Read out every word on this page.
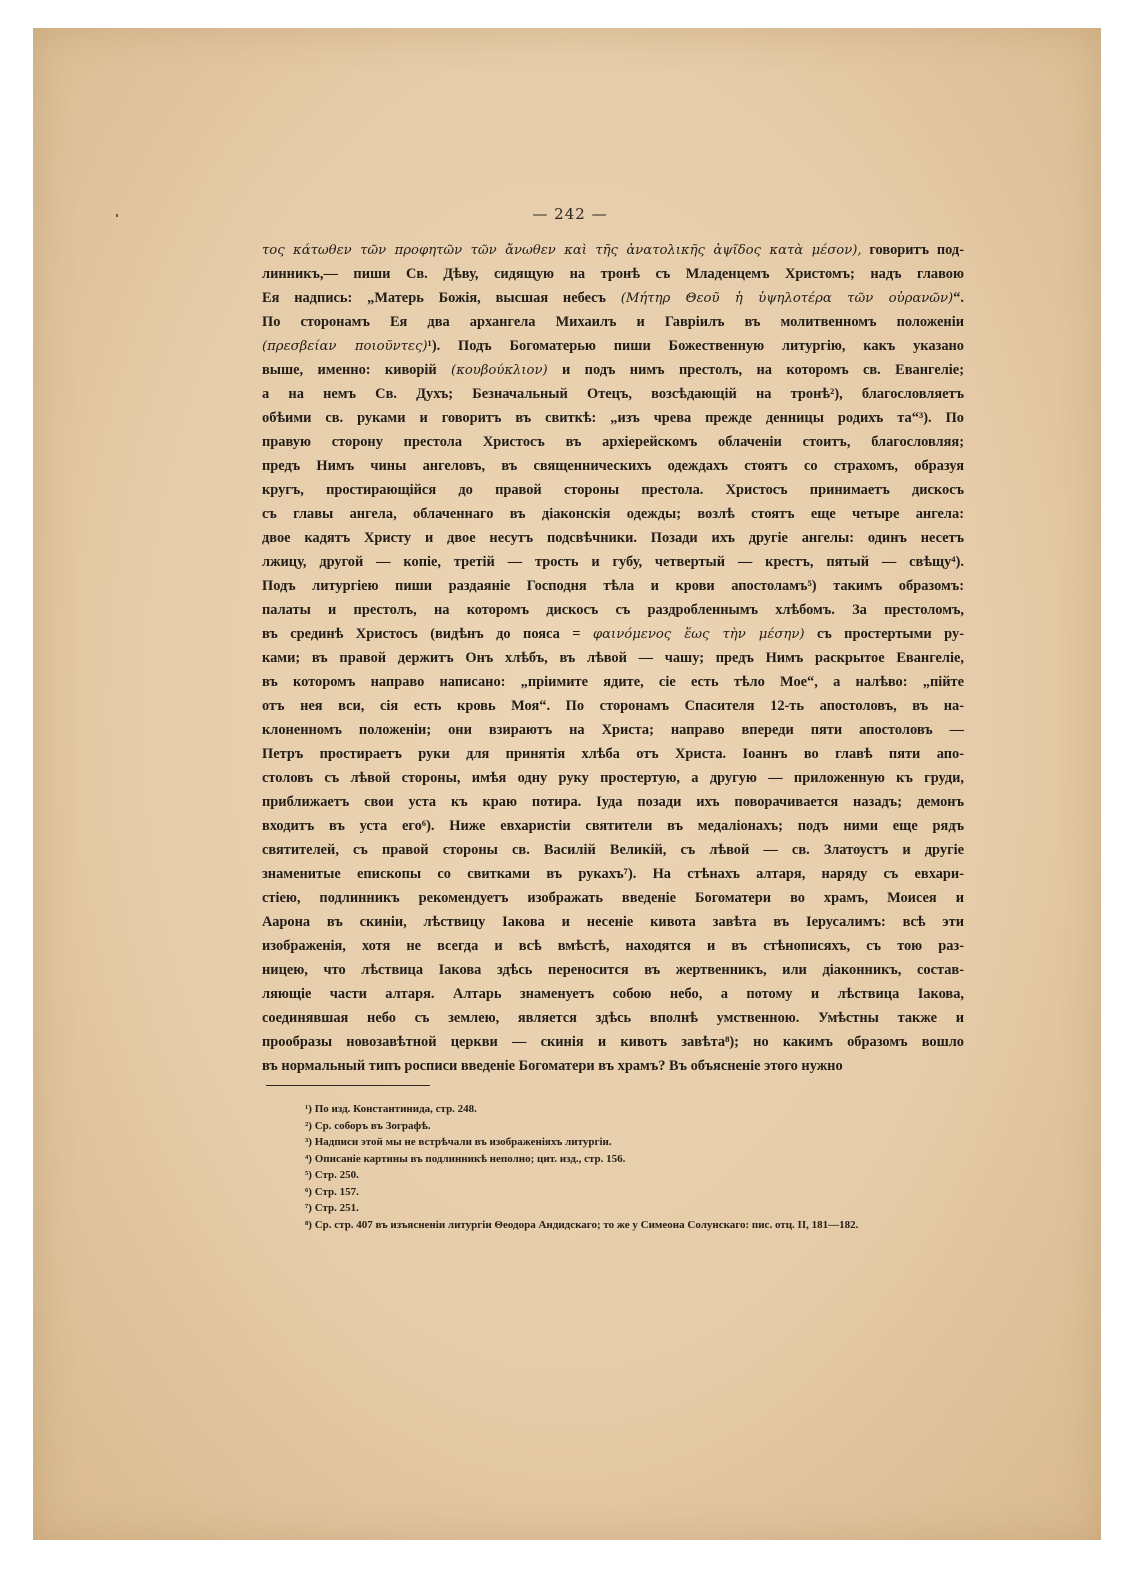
— 242 —
τος κάτωθεν τῶν προφητῶν τῶν ἄνωθεν καὶ τῆς ἀνατολικῆς ἀψῖδος κατὰ μέσον), говоритъ под-
линникъ,— пиши Св. Дѣву, сидящую на тронѣ съ Младенцемъ Христомъ; надъ главою
Ея надпись: „Матерь Божія, высшая небесъ (Μήτηρ Θεοῦ ἡ ὑψηλοτέρα τῶν οὐρανῶν)“.
По сторонамъ Ея два архангела Михаилъ и Гавріилъ въ молитвенномъ положеніи
(πρεσβείαν ποιοῦντες)¹). Подъ Богоматерью пиши Божественную литургію, какъ указано
выше, именно: киворій (κουβούκλιον) и подъ нимъ престолъ, на которомъ св. Евангеліе;
а на немъ Св. Духъ; Безначальный Отецъ, возсѣдающій на тронѣ²), благословляетъ
обѣими св. руками и говоритъ въ свиткѣ: „изъ чрева прежде денницы родихъ та“³). По
правую сторону престола Христосъ въ архіерейскомъ облаченіи стоитъ, благословляя;
предъ Нимъ чины ангеловъ, въ священническихъ одеждахъ стоятъ со страхомъ, образуя
кругъ, простирающійся до правой стороны престола. Христосъ принимаетъ дискосъ
съ главы ангела, облаченнаго въ діаконскія одежды; возлѣ стоятъ еще четыре ангела:
двое кадятъ Христу и двое несутъ подсвѣчники. Позади ихъ другіе ангелы: одинъ несетъ
лжицу, другой — копіе, третій — трость и губу, четвертый — крестъ, пятый — свѣщу⁴).
Подъ литургіею пиши раздаяніе Господня тѣла и крови апостоламъ⁵) такимъ образомъ:
палаты и престолъ, на которомъ дискосъ съ раздробленнымъ хлѣбомъ. За престоломъ,
въ срединѣ Христосъ (видѣнъ до пояса = φαινόμενος ἕως τὴν μέσην) съ простертыми ру-
ками; въ правой держитъ Онъ хлѣбъ, въ лѣвой — чашу; предъ Нимъ раскрытое Евангеліе,
въ которомъ направо написано: „пріимите ядите, сіе есть тѣло Мое“, а налѣво: „пійте
отъ нея вси, сія есть кровь Моя“. По сторонамъ Спасителя 12-ть апостоловъ, въ на-
клоненномъ положеніи; они взираютъ на Христа; направо впереди пяти апостоловъ —
Петръ простираетъ руки для принятія хлѣба отъ Христа. Іоаннъ во главѣ пяти апо-
столовъ съ лѣвой стороны, имѣя одну руку простертую, а другую — приложенную къ груди,
приближаетъ свои уста къ краю потира. Іуда позади ихъ поворачивается назадъ; демонъ
входитъ въ уста его⁶). Ниже евхаристіи святители въ медаліонахъ; подъ ними еще рядъ
святителей, съ правой стороны св. Василій Великій, съ лѣвой — св. Златоустъ и другіе
знаменитые епископы со свитками въ рукахъ⁷). На стѣнахъ алтаря, наряду съ евхари-
стіею, подлинникъ рекомендуетъ изображать введеніе Богоматери во храмъ, Моисея и
Аарона въ скиніи, лѣствицу Іакова и несеніе кивота завѣта въ Іерусалимъ: всѣ эти
изображенія, хотя не всегда и всѣ вмѣстѣ, находятся и въ стѣнописяхъ, съ тою раз-
ницею, что лѣствица Іакова здѣсь переносится въ жертвенникъ, или діаконникъ, состав-
ляющіе части алтаря. Алтарь знаменуетъ собою небо, а потому и лѣствица Іакова,
соединявшая небо съ землею, является здѣсь вполнѣ умственною. Умѣстны также и
прообразы новозавѣтной церкви — скинія и кивотъ завѣта⁸); но какимъ образомъ вошло
въ нормальный типъ росписи введеніе Богоматери въ храмъ? Въ объясненіе этого нужно
¹) По изд. Константинида, стр. 248.
²) Ср. соборъ въ Зографѣ.
³) Надписи этой мы не встрѣчали въ изображеніяхъ литургіи.
⁴) Описаніе картины въ подлинникѣ неполно; цит. изд., стр. 156.
⁵) Стр. 250.
⁶) Стр. 157.
⁷) Стр. 251.
⁸) Ср. стр. 407 въ изъясненіи литургіи Θеодора Андидскаго; то же у Симеона Солунскаго: пис. отц. II, 181—182.
